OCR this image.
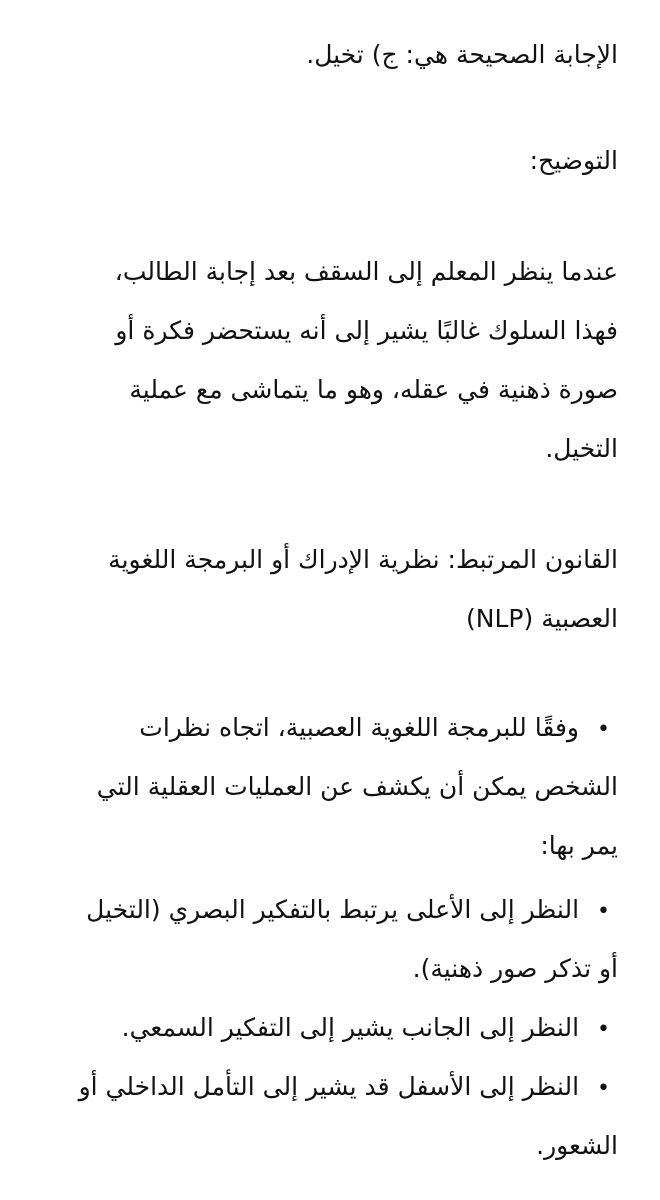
الإجابة الصحيحة هي: ج) تخيل.
التوضيح:
عندما ينظر المعلم إلى السقف بعد إجابة الطالب،
فهذا السلوك غالبًا يشير إلى أنه يستحضر فكرة أو
صورة ذهنية في عقله، وهو ما يتماشى مع عملية
التخيل.
القانون المرتبط: نظرية الإدراك أو البرمجة اللغوية
العصبية (NLP)
•وفقًا للبرمجة اللغوية العصبية، اتجاه نظرات
الشخص يمكن أن يكشف عن العمليات العقلية التي
يمر بها:
•النظر إلى الأعلى يرتبط بالتفكير البصري (التخيل
أو تذكر صور ذهنية).
•النظر إلى الجانب يشير إلى التفكير السمعي.
•النظر إلى الأسفل قد يشير إلى التأمل الداخلي أو
الشعور.
